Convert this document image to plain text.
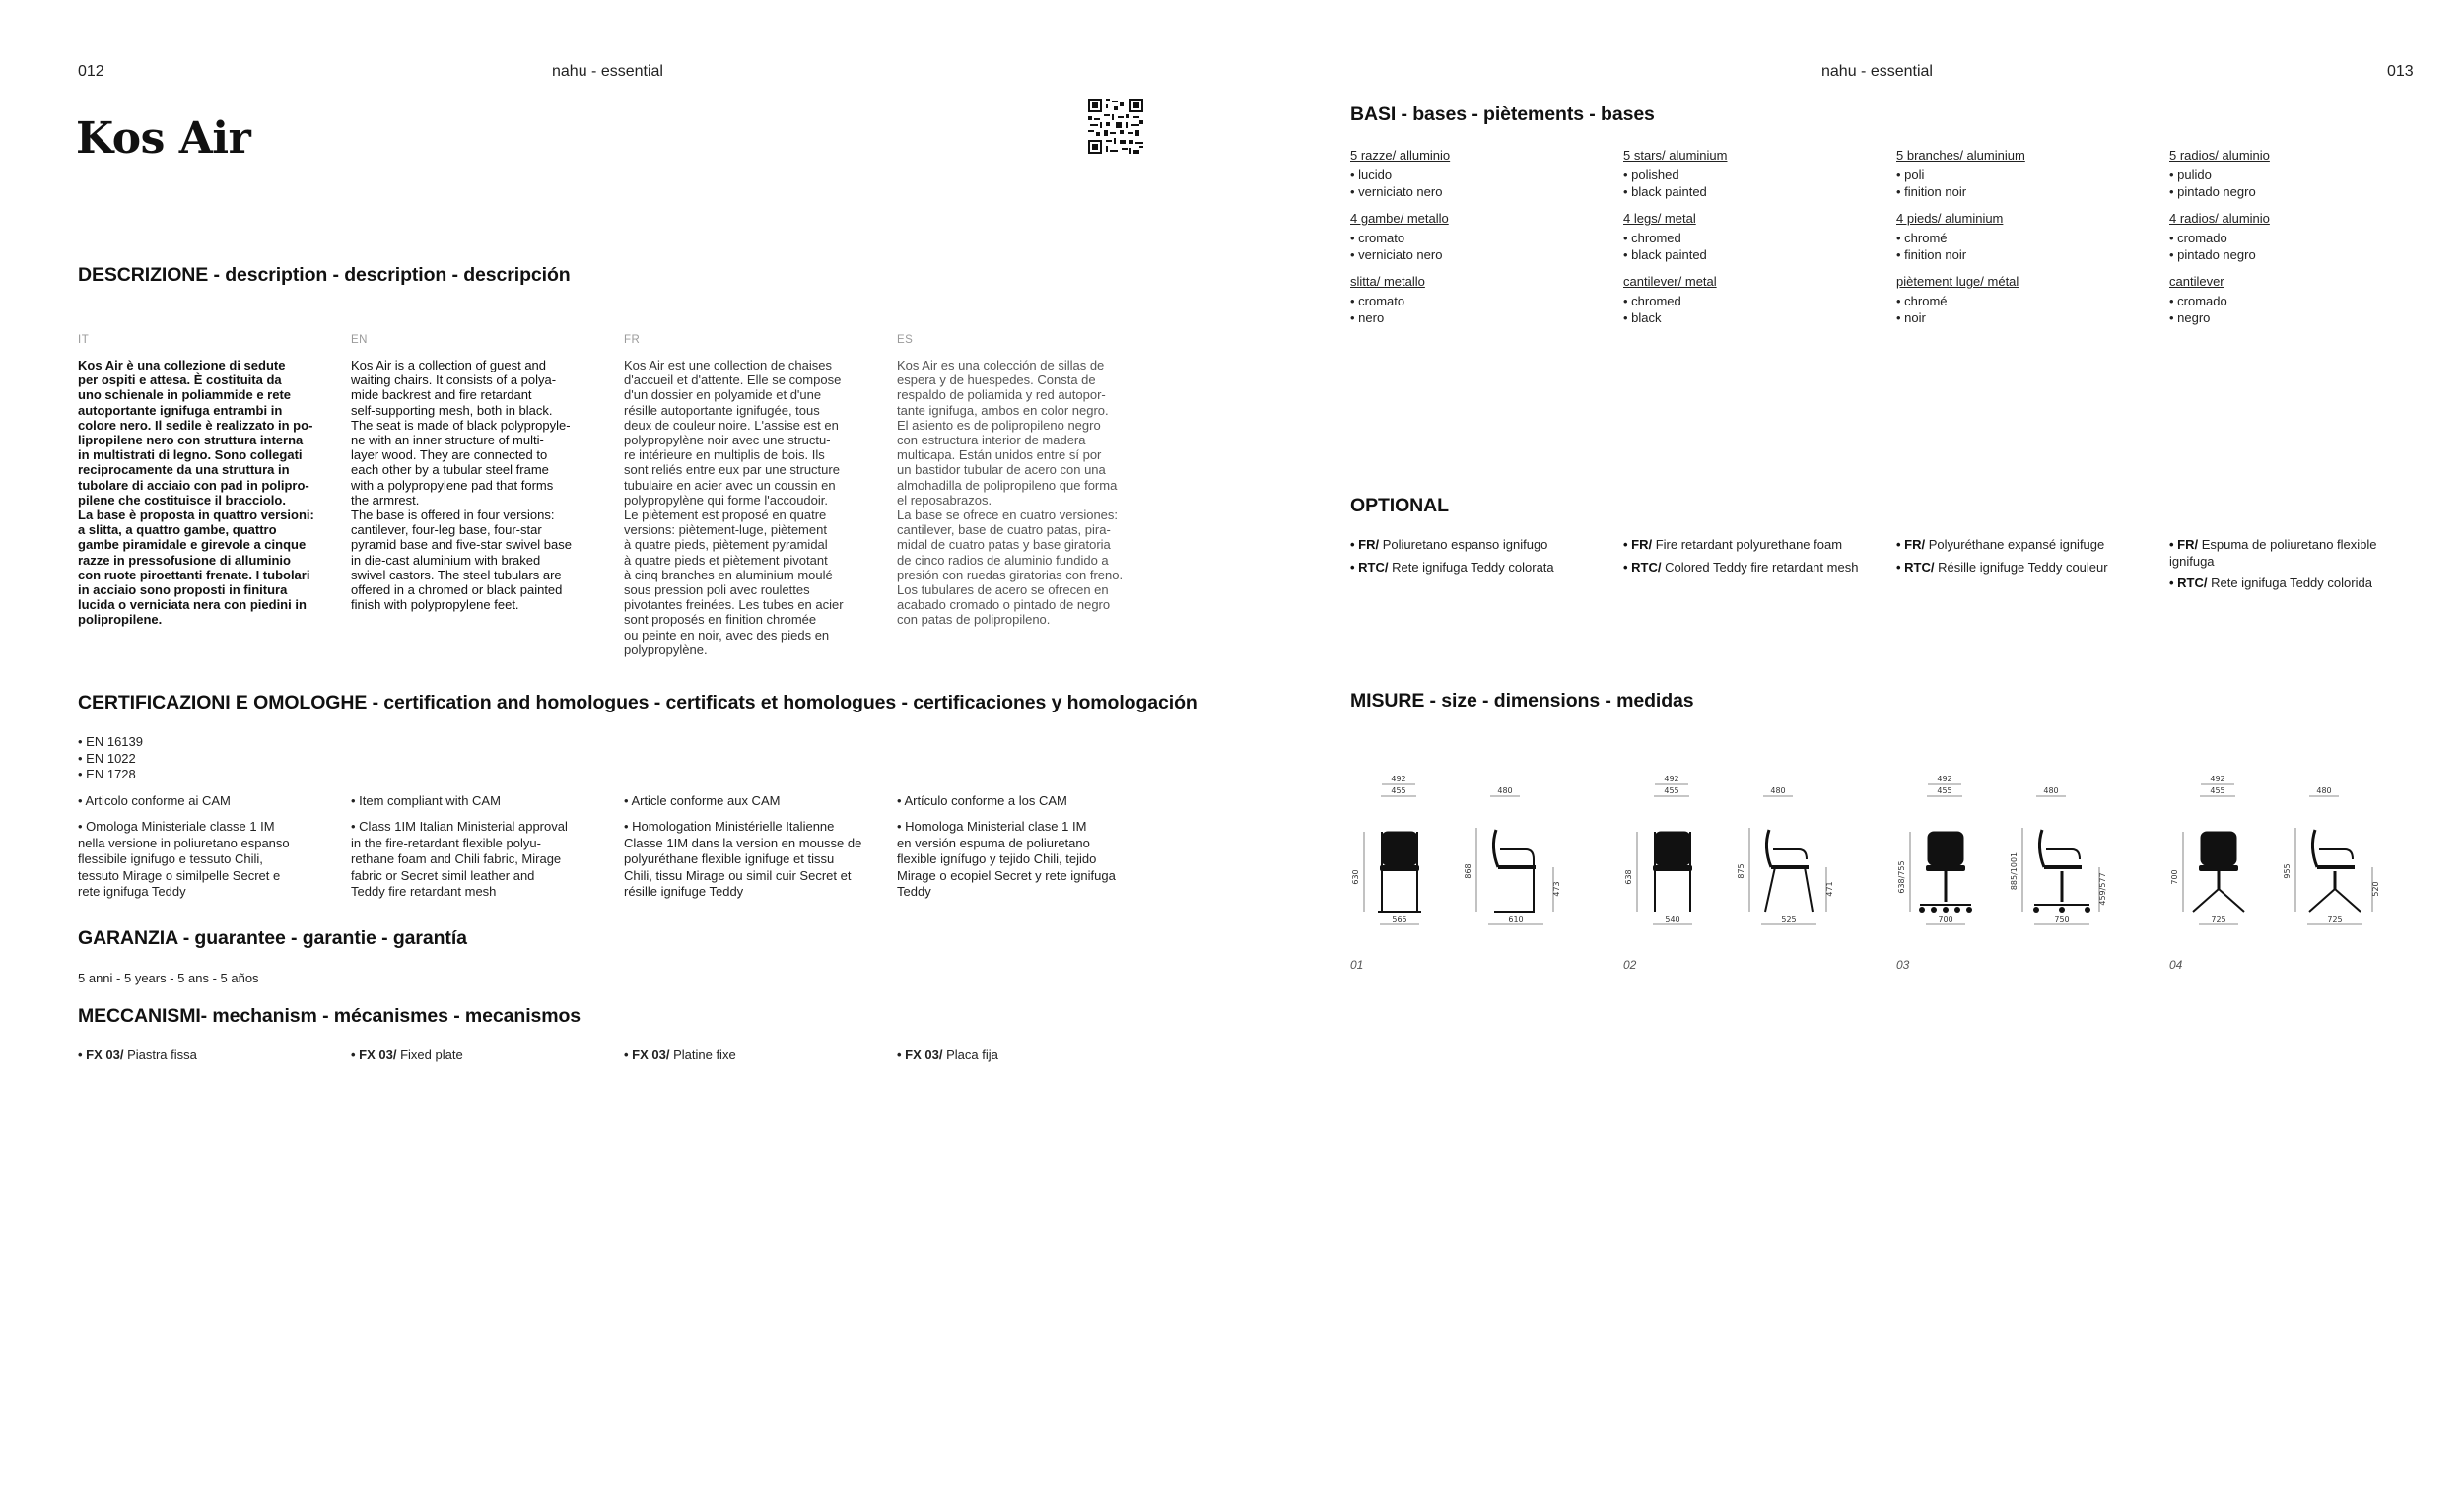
012	nahu - essential	nahu - essential	013
Kos Air
DESCRIZIONE - description - description - descripción
IT	EN	FR	ES
Kos Air è una collezione di sedute
per ospiti e attesa. È costituita da
uno schienale in poliammide e rete
autoportante ignifuga entrambi in
colore nero. Il sedile è realizzato in po-
lipropilene nero con struttura interna
in multistrati di legno. Sono collegati
reciprocamente da una struttura in
tubolare di acciaio con pad in polipro-
pilene che costituisce il bracciolo.
La base è proposta in quattro versioni:
a slitta, a quattro gambe, quattro
gambe piramidale e girevole a cinque
razze in pressofusione di alluminio
con ruote piroettanti frenate. I tubolari
in acciaio sono proposti in finitura
lucida o verniciata nera con piedini in
polipropilene.
Kos Air is a collection of guest and
waiting chairs. It consists of a polya-
mide backrest and fire retardant
self-supporting mesh, both in black.
The seat is made of black polypropyle-
ne with an inner structure of multi-
layer wood. They are connected to
each other by a tubular steel frame
with a polypropylene pad that forms
the armrest.
The base is offered in four versions:
cantilever, four-leg base, four-star
pyramid base and five-star swivel base
in die-cast aluminium with braked
swivel castors. The steel tubulars are
offered in a chromed or black painted
finish with polypropylene feet.
Kos Air est une collection de chaises
d'accueil et d'attente. Elle se compose
d'un dossier en polyamide et d'une
résille autoportante ignifugée, tous
deux de couleur noire. L'assise est en
polypropylène noir avec une structu-
re intérieure en multiplis de bois. Ils
sont reliés entre eux par une structure
tubulaire en acier avec un coussin en
polypropylène qui forme l'accoudoir.
Le piètement est proposé en quatre
versions: piètement-luge, piètement
à quatre pieds, piètement pyramidal
à quatre pieds et piètement pivotant
à cinq branches en aluminium moulé
sous pression poli avec roulettes
pivotantes freinées. Les tubes en acier
sont proposés en finition chromée
ou peinte en noir, avec des pieds en
polypropylène.
Kos Air es una colección de sillas de
espera y de huespedes. Consta de
respaldo de poliamida y red autopor-
tante ignifuga, ambos en color negro.
El asiento es de polipropileno negro
con estructura interior de madera
multicapa. Están unidos entre sí por
un bastidor tubular de acero con una
almohadilla de polipropileno que forma
el reposabrazos.
La base se ofrece en cuatro versiones:
cantilever, base de cuatro patas, pira-
midal de cuatro patas y base giratoria
de cinco radios de aluminio fundido a
presión con ruedas giratorias con freno.
Los tubulares de acero se ofrecen en
acabado cromado o pintado de negro
con patas de polipropileno.
CERTIFICAZIONI E OMOLOGHE - certification and homologues - certificats et homologues - certificaciones y homologación
• EN 16139
• EN 1022
• EN 1728
• Articolo conforme ai CAM	• Item compliant with CAM	• Article conforme aux CAM	• Artículo conforme a los CAM
• Omologa Ministeriale classe 1 IM
nella versione in poliuretano espanso
flessibile ignifugo e tessuto Chili,
tessuto Mirage o similpelle Secret e
rete ignifuga Teddy
• Class 1IM Italian Ministerial approval
in the fire-retardant flexible polyu-
rethane foam and Chili fabric, Mirage
fabric or Secret simil leather and
Teddy fire retardant mesh
• Homologation Ministérielle Italienne
Classe 1IM dans la version en mousse de
polyuréthane flexible ignifuge et tissu
Chili, tissu Mirage ou simil cuir Secret et
résille ignifuge Teddy
• Homologa Ministerial clase 1 IM
en versión espuma de poliuretano
flexible ignífugo y tejido Chili, tejido
Mirage o ecopiel Secret y rete ignifuga
Teddy
GARANZIA - guarantee - garantie - garantía
5 anni - 5 years - 5 ans - 5 años
MECCANISMI- mechanism - mécanismes - mecanismos
• FX 03/ Piastra fissa	• FX 03/ Fixed plate	• FX 03/ Platine fixe	• FX 03/ Placa fija
BASI - bases - piètements - bases
5 razze/ alluminio
• lucido
• verniciato nero
4 gambe/ metallo
• cromato
• verniciato nero
slitta/ metallo
• cromato
• nero
5 stars/ aluminium
• polished
• black painted
4 legs/ metal
• chromed
• black painted
cantilever/ metal
• chromed
• black
5 branches/ aluminium
• poli
• finition noir
4 pieds/ aluminium
• chromé
• finition noir
piètement luge/ métal
• chromé
• noir
5 radios/ aluminio
• pulido
• pintado negro
4 radios/ aluminio
• cromado
• pintado negro
cantilever
• cromado
• negro
OPTIONAL
• FR/ Poliuretano espanso ignifugo
• RTC/ Rete ignifuga Teddy colorata
• FR/ Fire retardant polyurethane foam
• RTC/ Colored Teddy fire retardant mesh
• FR/ Polyuréthane expansé ignifuge
• RTC/ Résille ignifuge Teddy couleur
• FR/ Espuma de poliuretano flexible ignifuga
• RTC/ Rete ignifuga Teddy colorida
MISURE - size - dimensions - medidas
492
455	480
565
630
610
868
473
492
455	480
540
638
525
875
471
492
455	480
700
638/755
750
885/1001	459/577
492
455	480
725
700
725
955
520
01	02	03	04
